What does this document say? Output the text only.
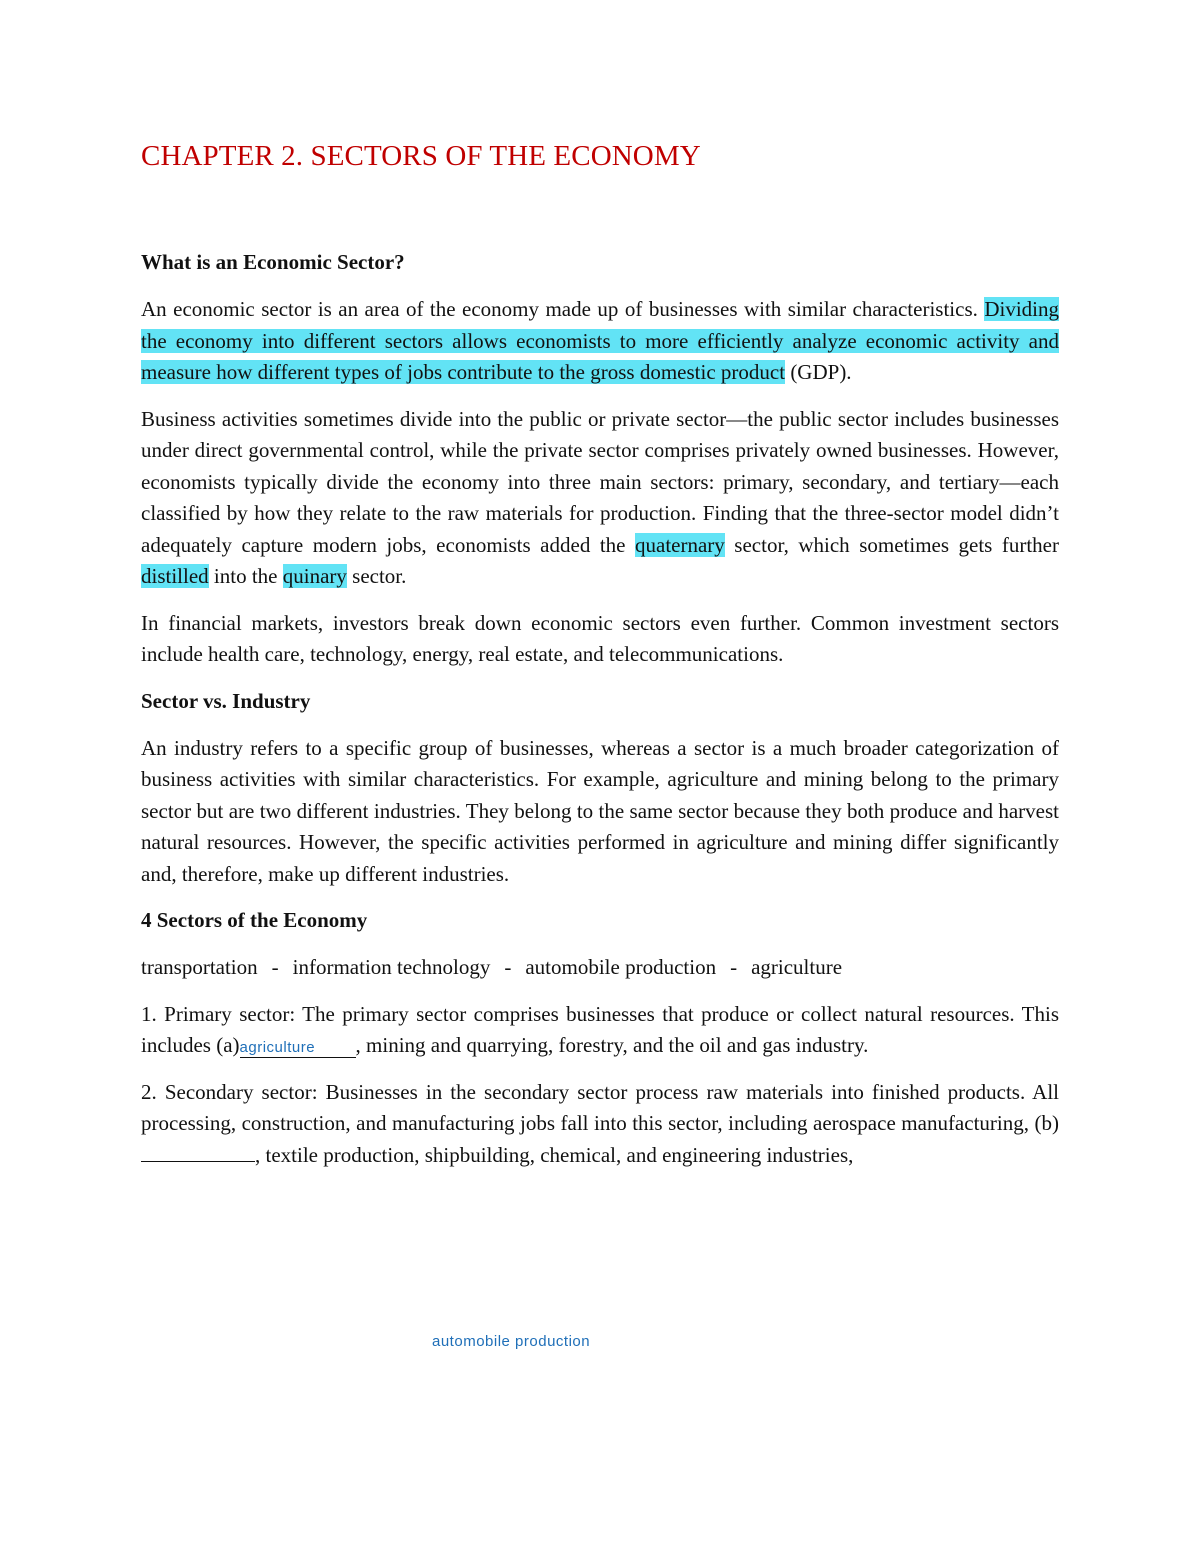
CHAPTER 2. SECTORS OF THE ECONOMY
What is an Economic Sector?

An economic sector is an area of the economy made up of businesses with similar characteristics. Dividing the economy into different sectors allows economists to more efficiently analyze economic activity and measure how different types of jobs contribute to the gross domestic product (GDP).

Business activities sometimes divide into the public or private sector—the public sector includes businesses under direct governmental control, while the private sector comprises privately owned businesses. However, economists typically divide the economy into three main sectors: primary, secondary, and tertiary—each classified by how they relate to the raw materials for production. Finding that the three-sector model didn’t adequately capture modern jobs, economists added the quaternary sector, which sometimes gets further distilled into the quinary sector.

In financial markets, investors break down economic sectors even further. Common investment sectors include health care, technology, energy, real estate, and telecommunications.

Sector vs. Industry

An industry refers to a specific group of businesses, whereas a sector is a much broader categorization of business activities with similar characteristics. For example, agriculture and mining belong to the primary sector but are two different industries. They belong to the same sector because they both produce and harvest natural resources. However, the specific activities performed in agriculture and mining differ significantly and, therefore, make up different industries.

4 Sectors of the Economy
transportation - information technology - automobile production - agriculture

1. Primary sector: The primary sector comprises businesses that produce or collect natural resources. This includes (a)agriculture , mining and quarrying, forestry, and the oil and gas industry.

2. Secondary sector: Businesses in the secondary sector process raw materials into finished products. All processing, construction, and manufacturing jobs fall into this sector, including aerospace manufacturing, (b), textile production, shipbuilding, chemical, and engineering industries,

automobile production
